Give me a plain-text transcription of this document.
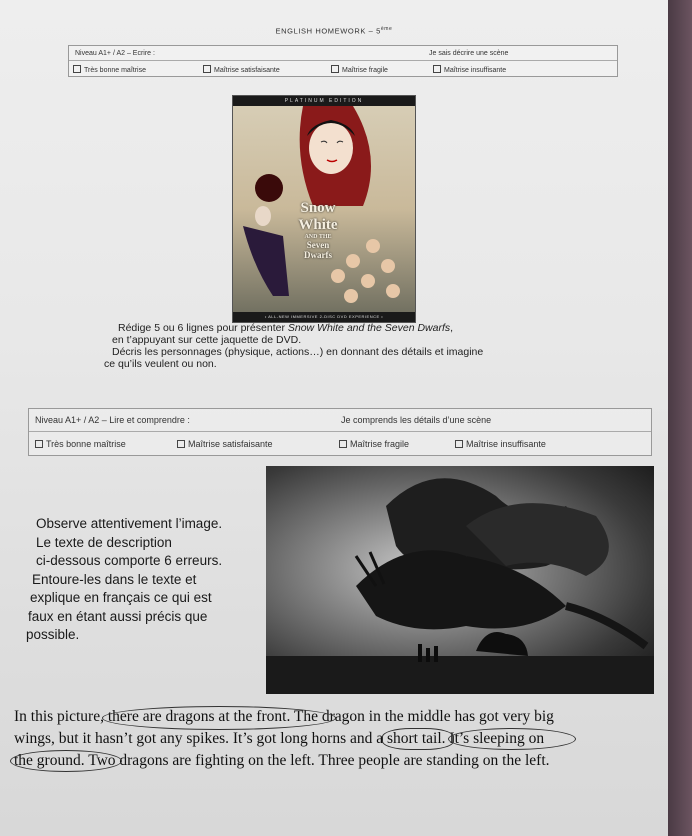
ENGLISH HOMEWORK – 5ème
Niveau A1+ / A2 – Ecrire :	Je sais décrire une scène
Très bonne maîtrise	Maîtrise satisfaisante	Maîtrise fragile	Maîtrise insuffisante
PLATINUM EDITION
Snow
White
AND THE
Seven
Dwarfs
• ALL-NEW IMMERSIVE 2-DISC DVD EXPERIENCE •

Rédige 5 ou 6 lignes pour présenter Snow White and the Seven Dwarfs,

en t’appuyant sur cette jaquette de DVD.

Décris les personnages (physique, actions…) en donnant des détails et imagine

ce qu’ils veulent ou non.

Niveau A1+ / A2 – Lire et comprendre :	Je comprends les détails d’une scène
Très bonne maîtrise	Maîtrise satisfaisante	Maîtrise fragile	Maîtrise insuffisante

Observe attentivement l’image.

Le texte de description

ci-dessous comporte 6 erreurs.

Entoure-les dans le texte et

explique en français ce qui est

faux en étant aussi précis que

possible.

In this picture, there are dragons at the front. The dragon in the middle has got very big

wings, but it hasn’t got any spikes. It’s got long horns and a short tail. It’s sleeping on

the ground. Two dragons are fighting on the left. Three people are standing on the left.
